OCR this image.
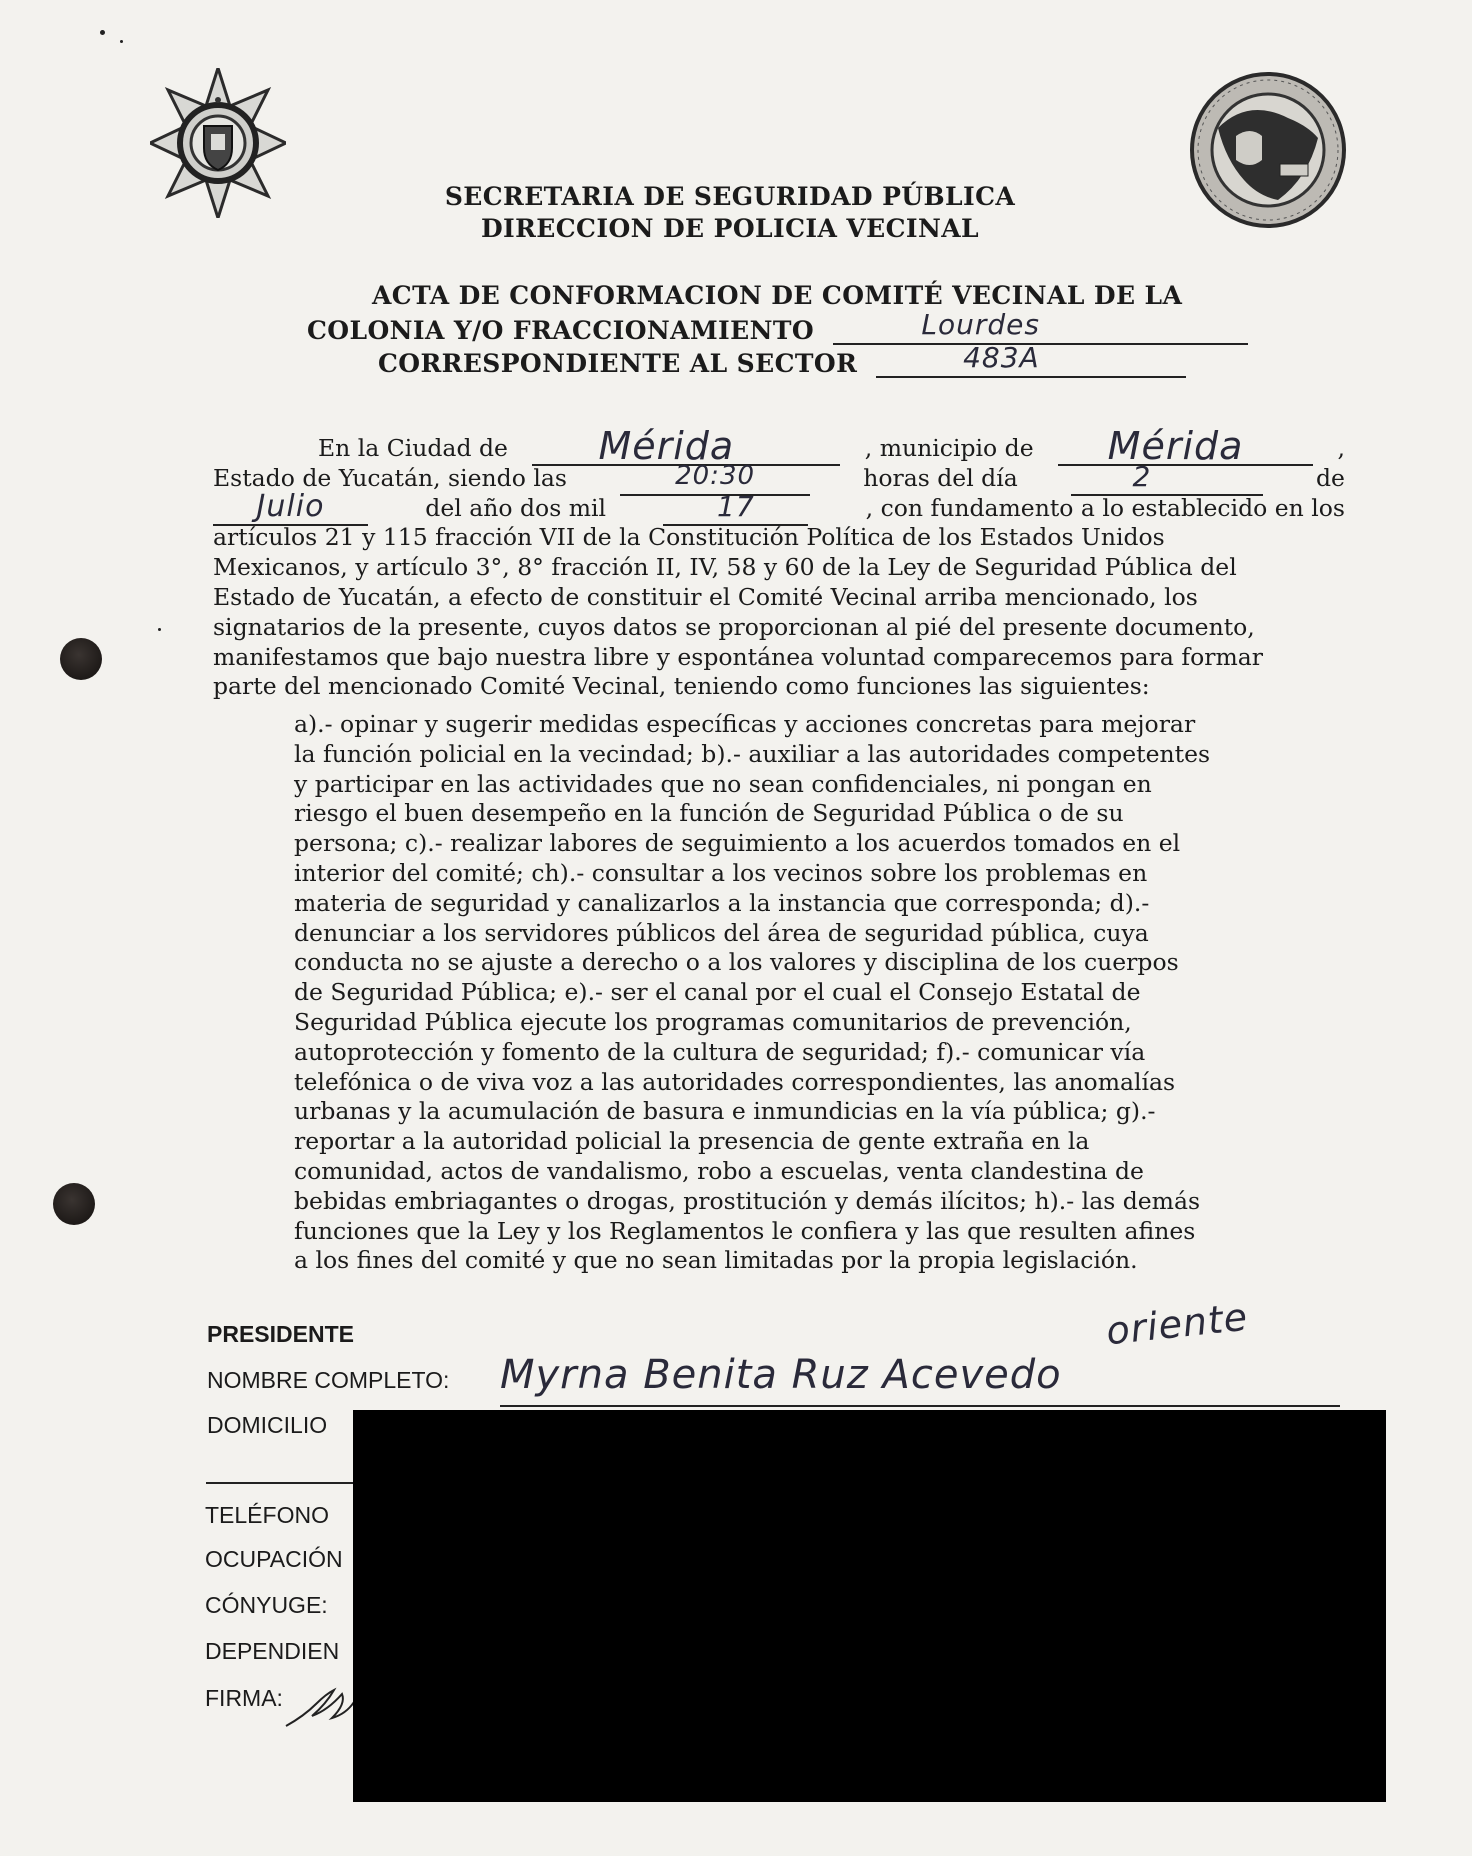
SECRETARIA DE SEGURIDAD PÚBLICA
DIRECCION DE POLICIA VECINAL
ACTA DE CONFORMACION DE COMITÉ VECINAL DE LA
COLONIA Y/O FRACCIONAMIENTO	Lourdes
CORRESPONDIENTE AL SECTOR	483A
En la Ciudad de	Mérida	, municipio de	Mérida	,
Estado de Yucatán, siendo las	20:30	horas del día	2	de
Julio	del año dos mil	17	, con fundamento a lo establecido en los
artículos 21 y 115 fracción VII de la Constitución Política de los Estados Unidos
Mexicanos, y artículo 3°, 8° fracción II, IV, 58 y 60 de la Ley de Seguridad Pública del
Estado de Yucatán, a efecto de constituir el Comité Vecinal arriba mencionado, los
signatarios de la presente, cuyos datos se proporcionan al pié del presente documento,
manifestamos que bajo nuestra libre y espontánea voluntad comparecemos para formar
parte del mencionado Comité Vecinal, teniendo como funciones las siguientes:
a).- opinar y sugerir medidas específicas y acciones concretas para mejorar
la función policial en la vecindad; b).- auxiliar a las autoridades competentes
y participar en las actividades que no sean confidenciales, ni pongan en
riesgo el buen desempeño en la función de Seguridad Pública o de su
persona; c).- realizar labores de seguimiento a los acuerdos tomados en el
interior del comité; ch).- consultar a los vecinos sobre los problemas en
materia de seguridad y canalizarlos a la instancia que corresponda; d).-
denunciar a los servidores públicos del área de seguridad pública, cuya
conducta no se ajuste a derecho o a los valores y disciplina de los cuerpos
de Seguridad Pública; e).- ser el canal por el cual el Consejo Estatal de
Seguridad Pública ejecute los programas comunitarios de prevención,
autoprotección y fomento de la cultura de seguridad; f).- comunicar vía
telefónica o de viva voz a las autoridades correspondientes, las anomalías
urbanas y la acumulación de basura e inmundicias en la vía pública; g).-
reportar a la autoridad policial la presencia de gente extraña en la
comunidad, actos de vandalismo, robo a escuelas, venta clandestina de
bebidas embriagantes o drogas, prostitución y demás ilícitos; h).- las demás
funciones que la Ley y los Reglamentos le confiera y las que resulten afines
a los fines del comité y que no sean limitadas por la propia legislación.
PRESIDENTE
NOMBRE COMPLETO: Myrna Benita Ruz Acevedo
oriente
DOMICILIO
TELÉFONO
OCUPACIÓN
CÓNYUGE:
DEPENDIEN
FIRMA:
